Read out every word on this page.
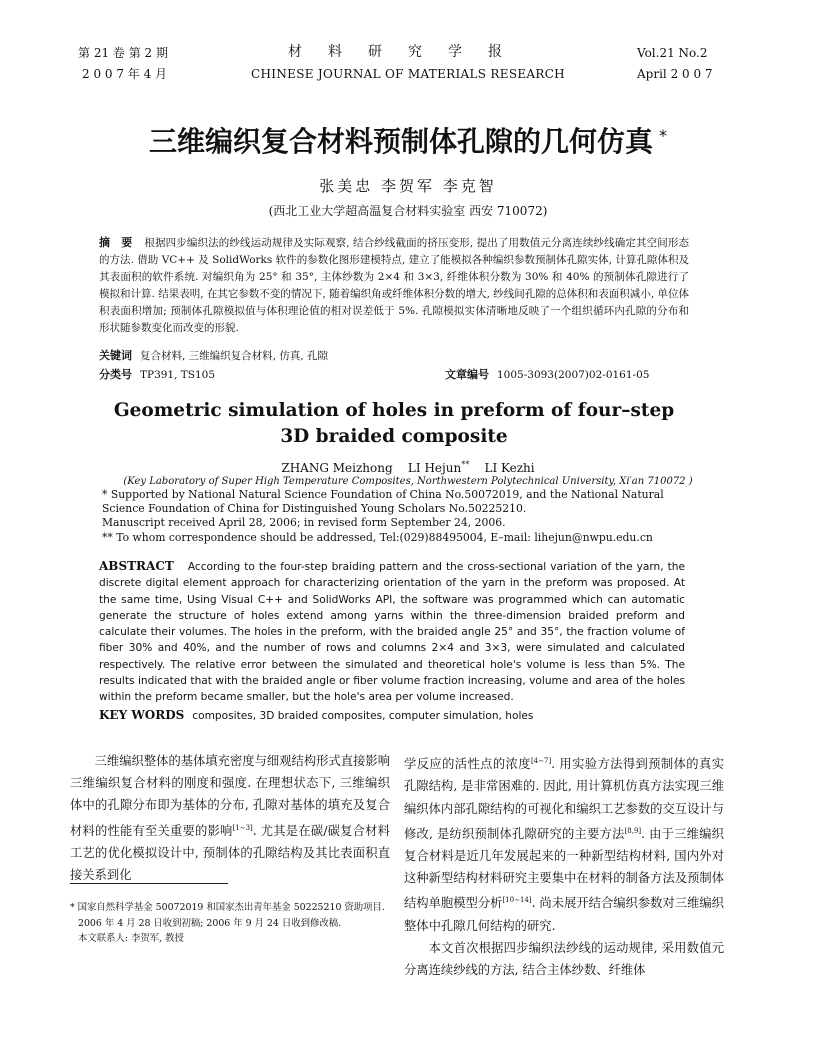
第 21 卷 第 2 期
2 0 0 7 年 4 月
材料研究学报
CHINESE JOURNAL OF MATERIALS RESEARCH
Vol.21 No.2
April 2 0 0 7
三维编织复合材料预制体孔隙的几何仿真 *
张美忠 李贺军 李克智
(西北工业大学超高温复合材料实验室 西安 710072)
摘　要 根据四步编织法的纱线运动规律及实际观察, 结合纱线截面的挤压变形, 提出了用数值元分离连续纱线确定其空间形态的方法. 借助 VC++ 及 SolidWorks 软件的参数化图形建模特点, 建立了能模拟各种编织参数预制体孔隙实体, 计算孔隙体积及其表面积的软件系统. 对编织角为 25° 和 35°, 主体纱数为 2×4 和 3×3, 纤维体积分数为 30% 和 40% 的预制体孔隙进行了模拟和计算. 结果表明, 在其它参数不变的情况下, 随着编织角或纤维体积分数的增大, 纱线间孔隙的总体积和表面积减小, 单位体积表面积增加; 预制体孔隙模拟值与体积理论值的相对误差低于 5%. 孔隙模拟实体清晰地反映了一个组织循环内孔隙的分布和形状随参数变化而改变的形貌.
关键词 复合材料, 三维编织复合材料, 仿真, 孔隙
分类号 TP391, TS105	文章编号 1005-3093(2007)02-0161-05
Geometric simulation of holes in preform of four–step 3D braided composite
ZHANG Meizhong LI Hejun** LI Kezhi
(Key Laboratory of Super High Temperature Composites, Northwestern Polytechnical University, Xi′an 710072 )
* Supported by National Natural Science Foundation of China No.50072019, and the National Natural Science Foundation of China for Distinguished Young Scholars No.50225210.
Manuscript received April 28, 2006; in revised form September 24, 2006.
** To whom correspondence should be addressed, Tel:(029)88495004, E–mail: lihejun@nwpu.edu.cn
ABSTRACT According to the four-step braiding pattern and the cross-sectional variation of the yarn, the discrete digital element approach for characterizing orientation of the yarn in the preform was proposed. At the same time, Using Visual C++ and SolidWorks API, the software was programmed which can automatic generate the structure of holes extend among yarns within the three-dimension braided preform and calculate their volumes. The holes in the preform, with the braided angle 25° and 35°, the fraction volume of fiber 30% and 40%, and the number of rows and columns 2×4 and 3×3, were simulated and calculated respectively. The relative error between the simulated and theoretical hole's volume is less than 5%. The results indicated that with the braided angle or fiber volume fraction increasing, volume and area of the holes within the preform became smaller, but the hole's area per volume increased.
KEY WORDS composites, 3D braided composites, computer simulation, holes

三维编织整体的基体填充密度与细观结构形式直接影响三维编织复合材料的刚度和强度. 在理想状态下, 三维编织体中的孔隙分布即为基体的分布, 孔隙对基体的填充及复合材料的性能有至关重要的影响[1∼3]. 尤其是在碳/碳复合材料工艺的优化模拟设计中, 预制体的孔隙结构及其比表面积直接关系到化

学反应的活性点的浓度[4∼7]. 用实验方法得到预制体的真实孔隙结构, 是非常困难的. 因此, 用计算机仿真方法实现三维编织体内部孔隙结构的可视化和编织工艺参数的交互设计与修改, 是纺织预制体孔隙研究的主要方法[8,9]. 由于三维编织复合材料是近几年发展起来的一种新型结构材料, 国内外对这种新型结构材料研究主要集中在材料的制备方法及预制体结构单胞模型分析[10∼14]. 尚未展开结合编织参数对三维编织整体中孔隙几何结构的研究.

本文首次根据四步编织法纱线的运动规律, 采用数值元分离连续纱线的方法, 结合主体纱数、纤维体

* 国家自然科学基金 50072019 和国家杰出青年基金 50225210 资助项目.

2006 年 4 月 28 日收到初稿; 2006 年 9 月 24 日收到修改稿.

本文联系人: 李贺军, 教授
